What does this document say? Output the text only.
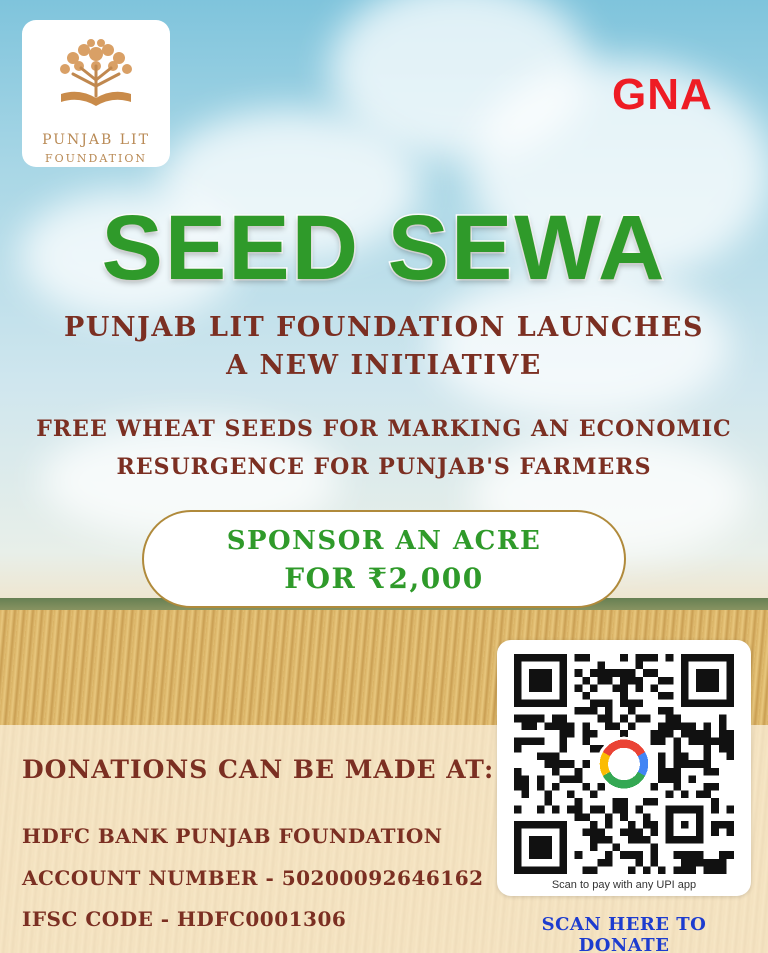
PUNJAB LIT
FOUNDATION
GNA
SEED SEWA
PUNJAB LIT FOUNDATION LAUNCHES
A NEW INITIATIVE
FREE WHEAT SEEDS FOR MARKING AN ECONOMIC
RESURGENCE FOR PUNJAB'S FARMERS
SPONSOR AN ACRE
FOR ₹2,000
DONATIONS CAN BE MADE AT:
HDFC BANK PUNJAB FOUNDATION
ACCOUNT NUMBER - 50200092646162
IFSC CODE - HDFC0001306
Scan to pay with any UPI app
SCAN HERE TO DONATE
